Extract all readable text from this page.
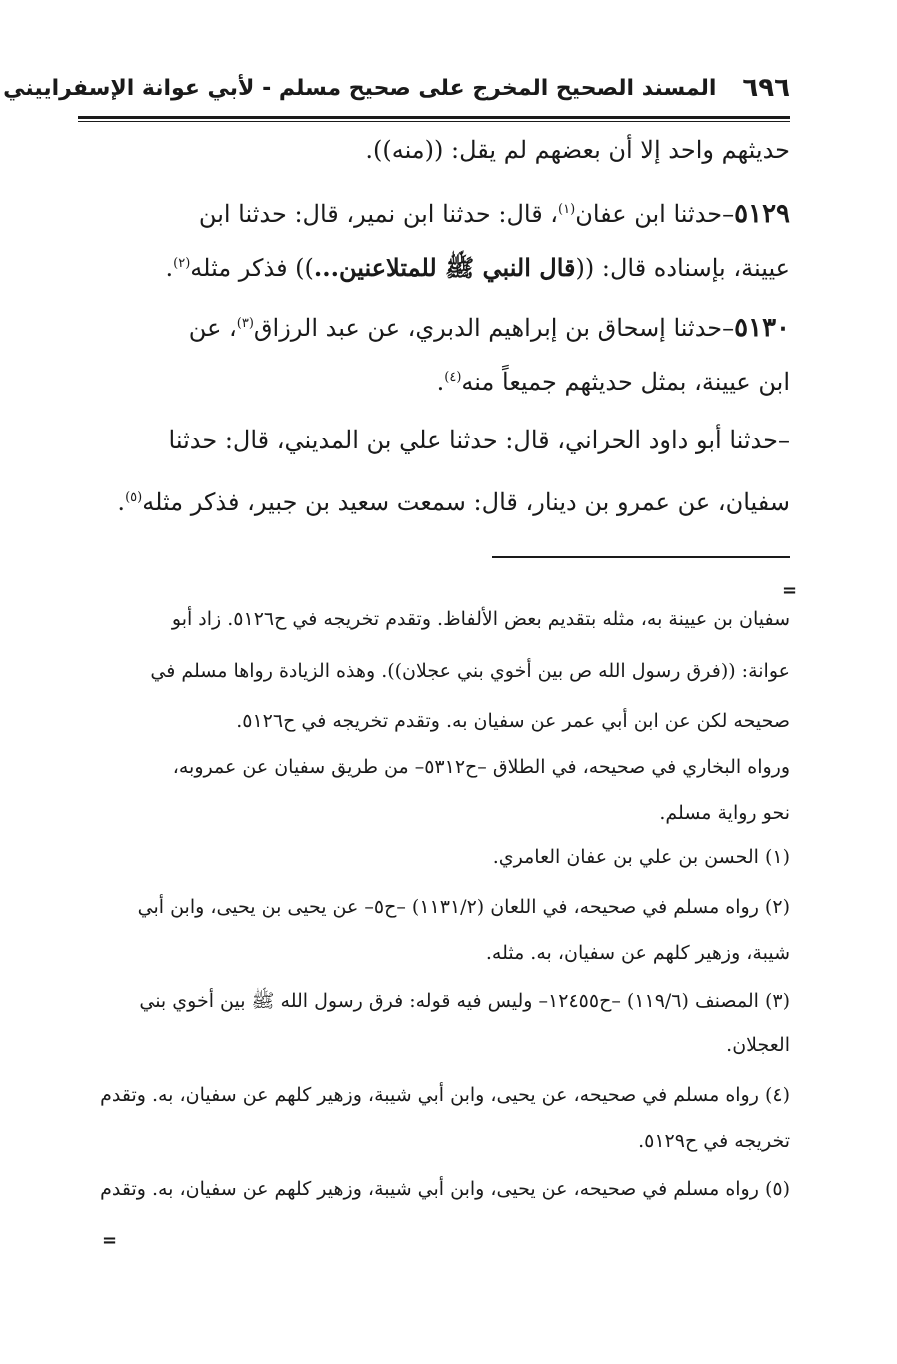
٦٩٦
المسند الصحيح المخرج على صحيح مسلم - لأبي عوانة الإسفراييني
حديثهم واحد إلا أن بعضهم لم يقل: ((منه)).
٥١٢٩–حدثنا ابن عفان$^{(١)}$، قال: حدثنا ابن نمير، قال: حدثنا ابن
عيينة، بإسناده قال: ((قال النبي ﷺ للمتلاعنين...)) فذكر مثله$^{(٢)}$.
٥١٣٠–حدثنا إسحاق بن إبراهيم الدبري، عن عبد الرزاق$^{(٣)}$، عن
ابن عيينة، بمثل حديثهم جميعاً منه$^{(٤)}$.
–حدثنا أبو داود الحراني، قال: حدثنا علي بن المديني، قال: حدثنا
سفيان، عن عمرو بن دينار، قال: سمعت سعيد بن جبير، فذكر مثله$^{(٥)}$.
=
سفيان بن عيينة به، مثله بتقديم بعض الألفاظ. وتقدم تخريجه في ح٥١٢٦. زاد أبو
عوانة: ((فرق رسول الله ص بين أخوي بني عجلان)). وهذه الزيادة رواها مسلم في
صحيحه لكن عن ابن أبي عمر عن سفيان به. وتقدم تخريجه في ح٥١٢٦.
ورواه البخاري في صحيحه، في الطلاق –ح٥٣١٢– من طريق سفيان عن عمروبه،
نحو رواية مسلم.
(١) الحسن بن علي بن عفان العامري.
(٢) رواه مسلم في صحيحه، في اللعان (١١٣١/٢) –ح٥– عن يحيى بن يحيى، وابن أبي
شيبة، وزهير كلهم عن سفيان، به. مثله.
(٣) المصنف (١١٩/٦) –ح١٢٤٥٥– وليس فيه قوله: فرق رسول الله ﷺ بين أخوي بني
العجلان.
(٤) رواه مسلم في صحيحه، عن يحيى، وابن أبي شيبة، وزهير كلهم عن سفيان، به. وتقدم
تخريجه في ح٥١٢٩.
(٥) رواه مسلم في صحيحه، عن يحيى، وابن أبي شيبة، وزهير كلهم عن سفيان، به. وتقدم
=
